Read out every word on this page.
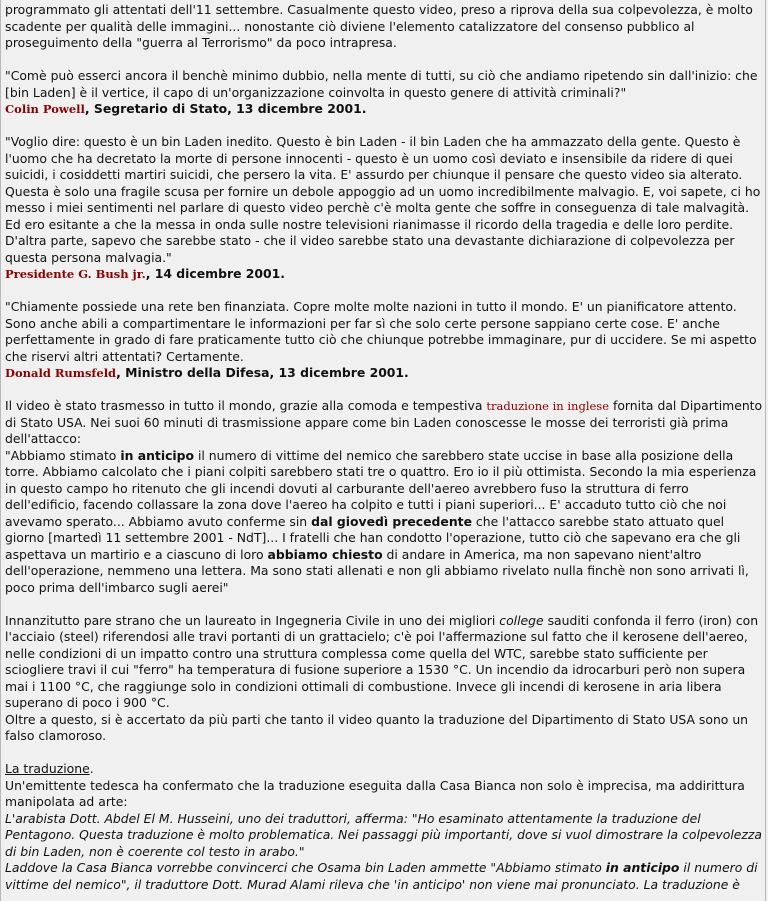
programmato gli attentati dell'11 settembre. Casualmente questo video, preso a riprova della sua colpevolezza, è molto scadente per qualità delle immagini... nonostante ciò diviene l'elemento catalizzatore del consenso pubblico al proseguimento della "guerra al Terrorismo" da poco intrapresa.

"Comè può esserci ancora il benchè minimo dubbio, nella mente di tutti, su ciò che andiamo ripetendo sin dall'inizio: che [bin Laden] è il vertice, il capo di un'organizzazione coinvolta in questo genere di attività criminali?"
Colin Powell, Segretario di Stato, 13 dicembre 2001.

"Voglio dire: questo è un bin Laden inedito. Questo è bin Laden - il bin Laden che ha ammazzato della gente. Questo è l'uomo che ha decretato la morte di persone innocenti - questo è un uomo così deviato e insensibile da ridere di quei suicidi, i cosiddetti martiri suicidi, che persero la vita. E' assurdo per chiunque il pensare che questo video sia alterato. Questa è solo una fragile scusa per fornire un debole appoggio ad un uomo incredibilmente malvagio. E, voi sapete, ci ho messo i miei sentimenti nel parlare di questo video perchè c'è molta gente che soffre in conseguenza di tale malvagità. Ed ero esitante a che la messa in onda sulle nostre televisioni rianimasse il ricordo della tragedia e delle loro perdite. D'altra parte, sapevo che sarebbe stato - che il video sarebbe stato una devastante dichiarazione di colpevolezza per questa persona malvagia."
Presidente G. Bush jr., 14 dicembre 2001.

"Chiamente possiede una rete ben finanziata. Copre molte molte nazioni in tutto il mondo. E' un pianificatore attento. Sono anche abili a compartimentare le informazioni per far sì che solo certe persone sappiano certe cose. E' anche perfettamente in grado di fare praticamente tutto ciò che chiunque potrebbe immaginare, pur di uccidere. Se mi aspetto che riservi altri attentati? Certamente.
Donald Rumsfeld, Ministro della Difesa, 13 dicembre 2001.

Il video è stato trasmesso in tutto il mondo, grazie alla comoda e tempestiva traduzione in inglese fornita dal Dipartimento di Stato USA. Nei suoi 60 minuti di trasmissione appare come bin Laden conoscesse le mosse dei terroristi già prima dell'attacco:
"Abbiamo stimato in anticipo il numero di vittime del nemico che sarebbero state uccise in base alla posizione della torre. Abbiamo calcolato che i piani colpiti sarebbero stati tre o quattro. Ero io il più ottimista. Secondo la mia esperienza in questo campo ho ritenuto che gli incendi dovuti al carburante dell'aereo avrebbero fuso la struttura di ferro dell'edificio, facendo collassare la zona dove l'aereo ha colpito e tutti i piani superiori... E' accaduto tutto ciò che noi avevamo sperato... Abbiamo avuto conferme sin dal giovedì precedente che l'attacco sarebbe stato attuato quel giorno [martedì 11 settembre 2001 - NdT]... I fratelli che han condotto l'operazione, tutto ciò che sapevano era che gli aspettava un martirio e a ciascuno di loro abbiamo chiesto di andare in America, ma non sapevano nient'altro dell'operazione, nemmeno una lettera. Ma sono stati allenati e non gli abbiamo rivelato nulla finchè non sono arrivati lì, poco prima dell'imbarco sugli aerei"

Innanzitutto pare strano che un laureato in Ingegneria Civile in uno dei migliori college sauditi confonda il ferro (iron) con l'acciaio (steel) riferendosi alle travi portanti di un grattacielo; c'è poi l'affermazione sul fatto che il kerosene dell'aereo, nelle condizioni di un impatto contro una struttura complessa come quella del WTC, sarebbe stato sufficiente per sciogliere travi il cui "ferro" ha temperatura di fusione superiore a 1530 °C. Un incendio da idrocarburi però non supera mai i 1100 °C, che raggiunge solo in condizioni ottimali di combustione. Invece gli incendi di kerosene in aria libera superano di poco i 900 °C.
Oltre a questo, si è accertato da più parti che tanto il video quanto la traduzione del Dipartimento di Stato USA sono un falso clamoroso.

La traduzione.
Un'emittente tedesca ha confermato che la traduzione eseguita dalla Casa Bianca non solo è imprecisa, ma addirittura manipolata ad arte:
L'arabista Dott. Abdel El M. Husseini, uno dei traduttori, afferma: "Ho esaminato attentamente la traduzione del Pentagono. Questa traduzione è molto problematica. Nei passaggi più importanti, dove si vuol dimostrare la colpevolezza di bin Laden, non è coerente col testo in arabo."
Laddove la Casa Bianca vorrebbe convincerci che Osama bin Laden ammette "Abbiamo stimato in anticipo il numero di vittime del nemico", il traduttore Dott. Murad Alami rileva che 'in anticipo' non viene mai pronunciato. La traduzione è
